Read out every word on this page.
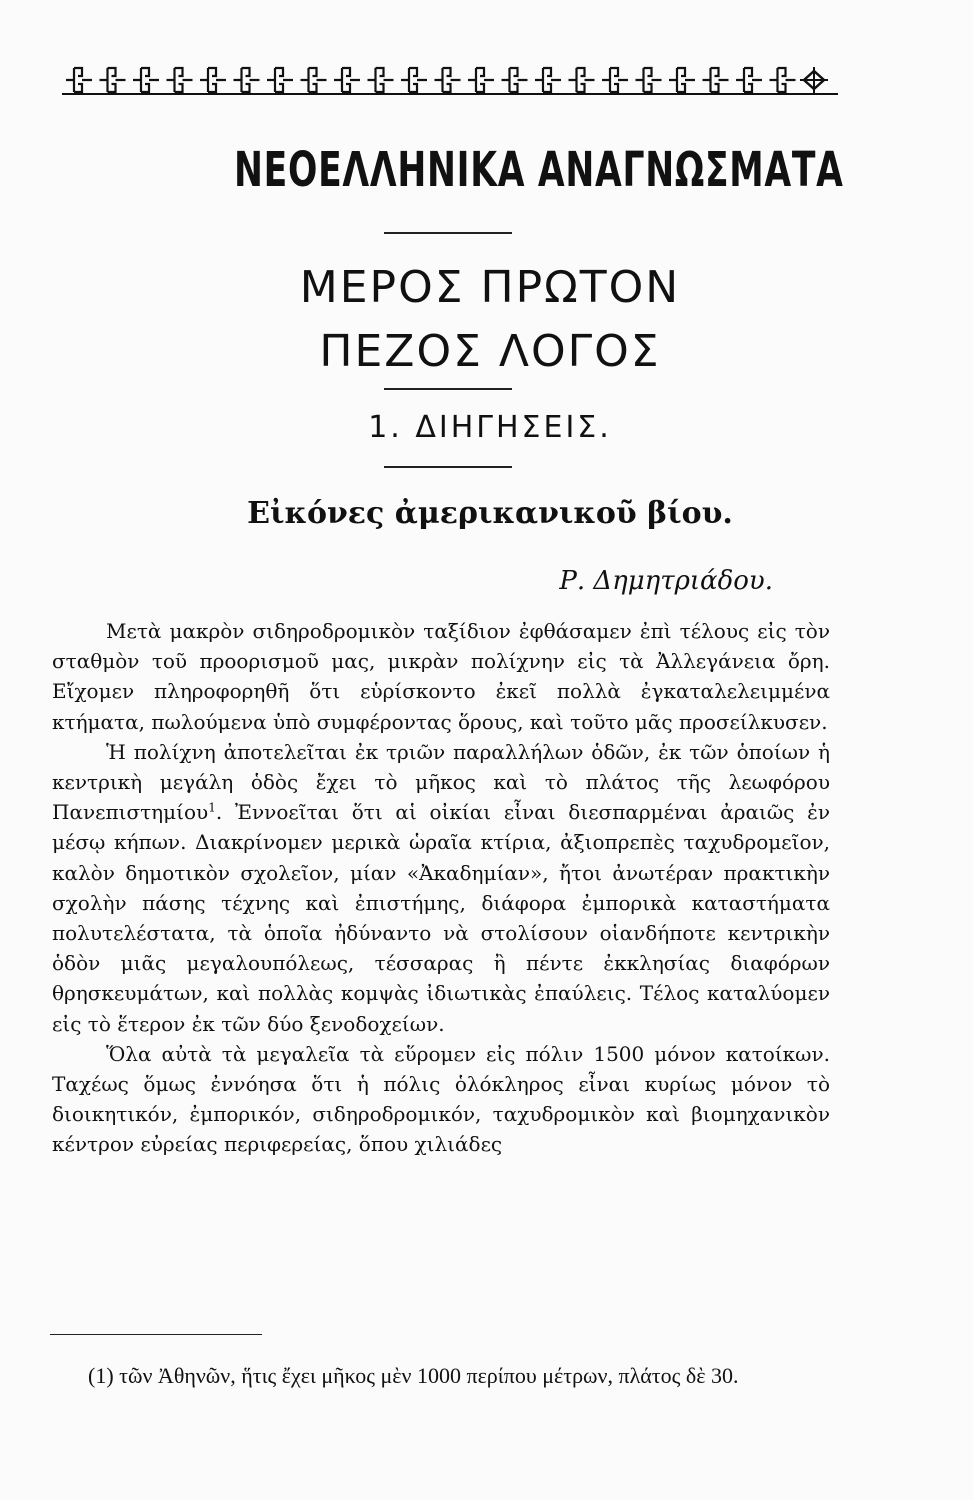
ΝΕΟΕΛΛΗΝΙΚΑ ΑΝΑΓΝΩΣΜΑΤΑ
ΜΕΡΟΣ ΠΡΩΤΟΝ
ΠΕΖΟΣ ΛΟΓΟΣ
1. ΔΙΗΓΗΣΕΙΣ.
Εἰκόνες ἀμερικανικοῦ βίου.

Ρ. Δημητριάδου.

Μετὰ μακρὸν σιδηροδρομικὸν ταξίδιον ἐφθάσαμεν ἐπὶ τέλους εἰς τὸν σταθμὸν τοῦ προορισμοῦ μας, μικρὰν πολίχνην εἰς τὰ Ἀλλεγάνεια ὄρη. Εἴχομεν πληροφορηθῆ ὅτι εὑρίσκοντο ἐκεῖ πολλὰ ἐγκαταλελειμμένα κτήματα, πωλούμενα ὑπὸ συμφέροντας ὅρους, καὶ τοῦτο μᾶς προσείλκυσεν.

Ἡ πολίχνη ἀποτελεῖται ἐκ τριῶν παραλλήλων ὁδῶν, ἐκ τῶν ὁποίων ἡ κεντρικὴ μεγάλη ὁδὸς ἔχει τὸ μῆκος καὶ τὸ πλάτος τῆς λεωφόρου Πανεπιστημίου$^1$. Ἐννοεῖται ὅτι αἱ οἰκίαι εἶναι διεσπαρμέναι ἀραιῶς ἐν μέσῳ κήπων. Διακρίνομεν μερικὰ ὡραῖα κτίρια, ἀξιοπρεπὲς ταχυδρομεῖον, καλὸν δημοτικὸν σχολεῖον, μίαν «Ἀκαδημίαν», ἤτοι ἀνωτέραν πρακτικὴν σχολὴν πάσης τέχνης καὶ ἐπιστήμης, διάφορα ἐμπορικὰ καταστήματα πολυτελέστατα, τὰ ὁποῖα ἠδύναντο νὰ στολίσουν οἱανδήποτε κεντρικὴν ὁδὸν μιᾶς μεγαλουπόλεως, τέσσαρας ἢ πέντε ἐκκλησίας διαφόρων θρησκευμάτων, καὶ πολλὰς κομψὰς ἰδιωτικὰς ἐπαύλεις. Τέλος καταλύομεν εἰς τὸ ἕτερον ἐκ τῶν δύο ξενοδοχείων.

Ὅλα αὐτὰ τὰ μεγαλεῖα τὰ εὕρομεν εἰς πόλιν 1500 μόνον κατοίκων. Ταχέως ὅμως ἐννόησα ὅτι ἡ πόλις ὁλόκληρος εἶναι κυρίως μόνον τὸ διοικητικόν, ἐμπορικόν, σιδηροδρομικόν, ταχυδρομικὸν καὶ βιομηχανικὸν κέντρον εὐρείας περιφερείας, ὅπου χιλιάδες

(1) τῶν Ἀθηνῶν, ἥτις ἔχει μῆκος μὲν 1000 περίπου μέτρων, πλάτος δὲ 30.
